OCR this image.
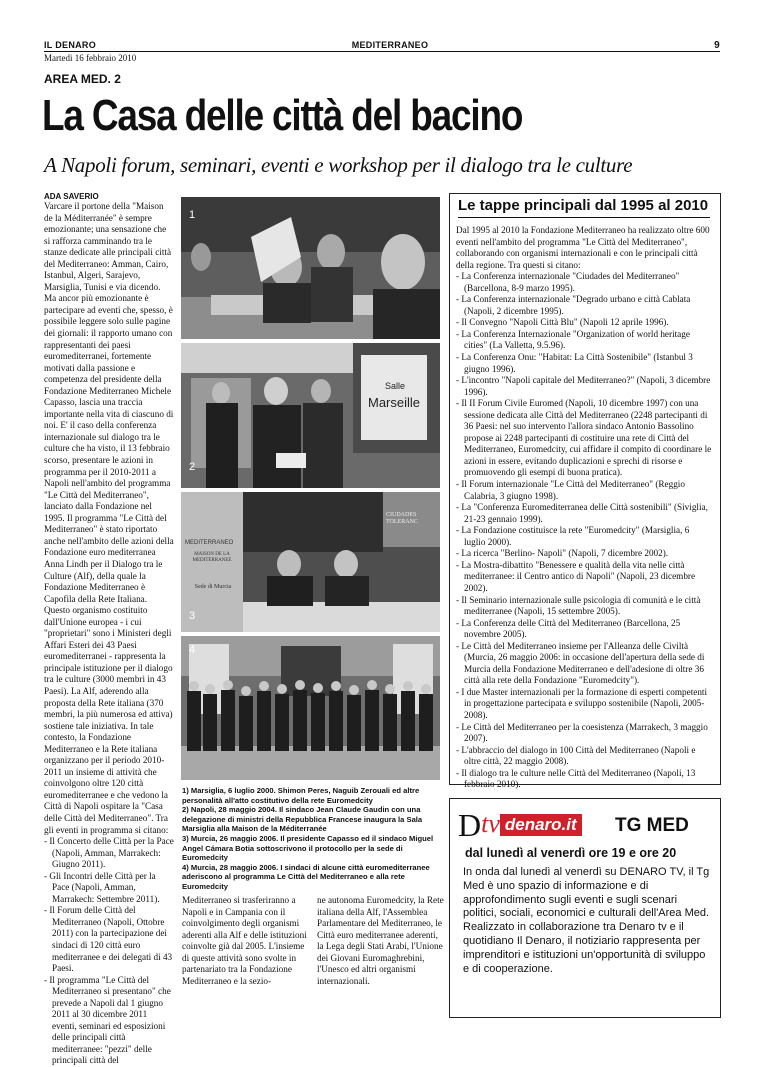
IL DENARO	MEDITERRANEO	9
Martedì 16 febbraio 2010
AREA MED. 2
La Casa delle città del bacino
A Napoli forum, seminari, eventi e workshop per il dialogo tra le culture
ADA SAVERIO

Varcare il portone della "Maison de la Méditerranée" è sempre emozionante; una sensazione che si rafforza camminando tra le stanze dedicate alle principali città del Mediterraneo: Amman, Cairo, Istanbul, Algeri, Sarajevo, Marsiglia, Tunisi e via dicendo. Ma ancor più emozionante è partecipare ad eventi che, spesso, è possibile leggere solo sulle pagine dei giornali: il rapporto umano con rappresentanti dei paesi euromediterranei, fortemente motivati dalla passione e competenza del presidente della Fondazione Mediterraneo Michele Capasso, lascia una traccia importante nella vita di ciascuno di noi. E' il caso della conferenza internazionale sul dialogo tra le culture che ha visto, il 13 febbraio scorso, presentare le azioni in programma per il 2010-2011 a Napoli nell'ambito del programma "Le Città del Mediterraneo", lanciato dalla Fondazione nel 1995. Il programma "Le Città del Mediterraneo" è stato riportato anche nell'ambito delle azioni della Fondazione euro mediterranea Anna Lindh per il Dialogo tra le Culture (Alf), della quale la Fondazione Mediterraneo è Capofila della Rete Italiana. Questo organismo costituito dall'Unione europea - i cui "proprietari" sono i Ministeri degli Affari Esteri dei 43 Paesi euromediterranei - rappresenta la principale istituzione per il dialogo tra le culture (3000 membri in 43 Paesi). La Alf, aderendo alla proposta della Rete italiana (370 membri, la più numerosa ed attiva) sostiene tale iniziativa. In tale contesto, la Fondazione Mediterraneo e la Rete italiana organizzano per il periodo 2010-2011 un insieme di attività che coinvolgono oltre 120 città euromediterranee e che vedono la Città di Napoli ospitare la "Casa delle Città del Mediterraneo". Tra gli eventi in programma si citano:

- Il Concerto delle Città per la Pace (Napoli, Amman, Marrakech: Giugno 2011).
- Gli Incontri delle Città per la Pace (Napoli, Amman, Marrakech: Settembre 2011).
- Il Forum delle Città del Mediterraneo (Napoli, Ottobre 2011) con la partecipazione dei sindaci di 120 città euro mediterranee e dei delegati di 43 Paesi.
- Il programma "Le Città del Mediterraneo si presentano" che prevede a Napoli dal 1 giugno 2011 al 30 dicembre 2011 eventi, seminari ed esposizioni delle principali città mediterranee: "pezzi" delle principali città del
1
Salle
Marseille
2
MEDITERRANEO
MAISON DE LA MEDITERRANEE
Sede di Murcia
CIUDADES TOLERANC
3
4

1) Marsiglia, 6 luglio 2000. Shimon Peres, Naguib Zerouali ed altre personalità all'atto costitutivo della rete Euromedcity

2) Napoli, 28 maggio 2004. Il sindaco Jean Claude Gaudin con una delegazione di ministri della Repubblica Francese inaugura la Sala Marsiglia alla Maison de la Méditerranée

3) Murcia, 26 maggio 2006. Il presidente Capasso ed il sindaco Miguel Angel Cámara Botia sottoscrivono il protocollo per la sede di Euromedcity

4) Murcia, 28 maggio 2006. I sindaci di alcune città euromediterranee aderiscono al programma Le Città del Mediterraneo e alla rete Euromedcity

Mediterraneo si trasferiranno a Napoli e in Campania con il coinvolgimento degli organismi aderenti alla Alf e delle istituzioni coinvolte già dal 2005. L'insieme di queste attività sono svolte in partenariato tra la Fondazione Mediterraneo e la sezio-
ne autonoma Euromedcity, la Rete italiana della Alf, l'Assemblea Parlamentare del Mediterraneo, le Città euro mediterranee aderenti, la Lega degli Stati Arabi, l'Unione dei Giovani Euromaghrebini, l'Unesco ed altri organismi internazionali.
Le tappe principali dal 1995 al 2010

Dal 1995 al 2010 la Fondazione Mediterraneo ha realizzato oltre 600 eventi nell'ambito del programma "Le Città del Mediterraneo", collaborando con organismi internazionali e con le principali città della regione. Tra questi si citano:

- La Conferenza internazionale "Ciudades del Mediterraneo" (Barcellona, 8-9 marzo 1995).
- La Conferenza internazionale "Degrado urbano e città Cablata (Napoli, 2 dicembre 1995).
- Il Convegno "Napoli Città Blu" (Napoli 12 aprile 1996).
- La Conferenza Internazionale "Organization of world heritage cities" (La Valletta, 9.5.96).
- La Conferenza Onu: "Habitat: La Città Sostenibile" (Istanbul 3 giugno 1996).
- L'incontro "Napoli capitale del Mediterraneo?" (Napoli, 3 dicembre 1996).
- Il II Forum Civile Euromed (Napoli, 10 dicembre 1997) con una sessione dedicata alle Città del Mediterraneo (2248 partecipanti di 36 Paesi: nel suo intervento l'allora sindaco Antonio Bassolino propose ai 2248 partecipanti di costituire una rete di Città del Mediterraneo, Euromedcity, cui affidare il compito di coordinare le azioni in essere, evitando duplicazioni e sprechi di risorse e promuovendo gli esempi di buona pratica).
- Il Forum internazionale "Le Città del Mediterraneo" (Reggio Calabria, 3 giugno 1998).
- La "Conferenza Euromediterranea delle Città sostenibili" (Siviglia, 21-23 gennaio 1999).
- La Fondazione costituisce la rete "Euromedcity" (Marsiglia, 6 luglio 2000).
- La ricerca "Berlino- Napoli" (Napoli, 7 dicembre 2002).
- La Mostra-dibattito "Benessere e qualità della vita nelle città mediterranee: il Centro antico di Napoli" (Napoli, 23 dicembre 2002).
- Il Seminario internazionale sulle psicologia di comunità e le città mediterranee (Napoli, 15 settembre 2005).
- La Conferenza delle Città del Mediterraneo (Barcellona, 25 novembre 2005).
- Le Città del Mediterraneo insieme per l'Alleanza delle Civiltà (Murcia, 26 maggio 2006: in occasione dell'apertura della sede di Murcia della Fondazione Mediterraneo e dell'adesione di oltre 36 città alla rete della Fondazione "Euromedcity").
- I due Master internazionali per la formazione di esperti competenti in progettazione partecipata e sviluppo sostenibile (Napoli, 2005-2008).
- Le Città del Mediterraneo per la coesistenza (Marrakech, 3 maggio 2007).
- L'abbraccio del dialogo in 100 Città del Mediterraneo (Napoli e oltre città, 22 maggio 2008).
- Il dialogo tra le culture nelle Città del Mediterraneo (Napoli, 13 febbraio 2010).
Dtv denaro.it TG MED
dal lunedì al venerdì ore 19 e ore 20

In onda dal lunedì al venerdì su DENARO TV, il Tg Med è uno spazio di informazione e di approfondimento sugli eventi e sugli scenari politici, sociali, economici e culturali dell'Area Med.

Realizzato in collaborazione tra Denaro tv e il quotidiano Il Denaro, il notiziario rappresenta per imprenditori e istituzioni un'opportunità di sviluppo e di cooperazione.
